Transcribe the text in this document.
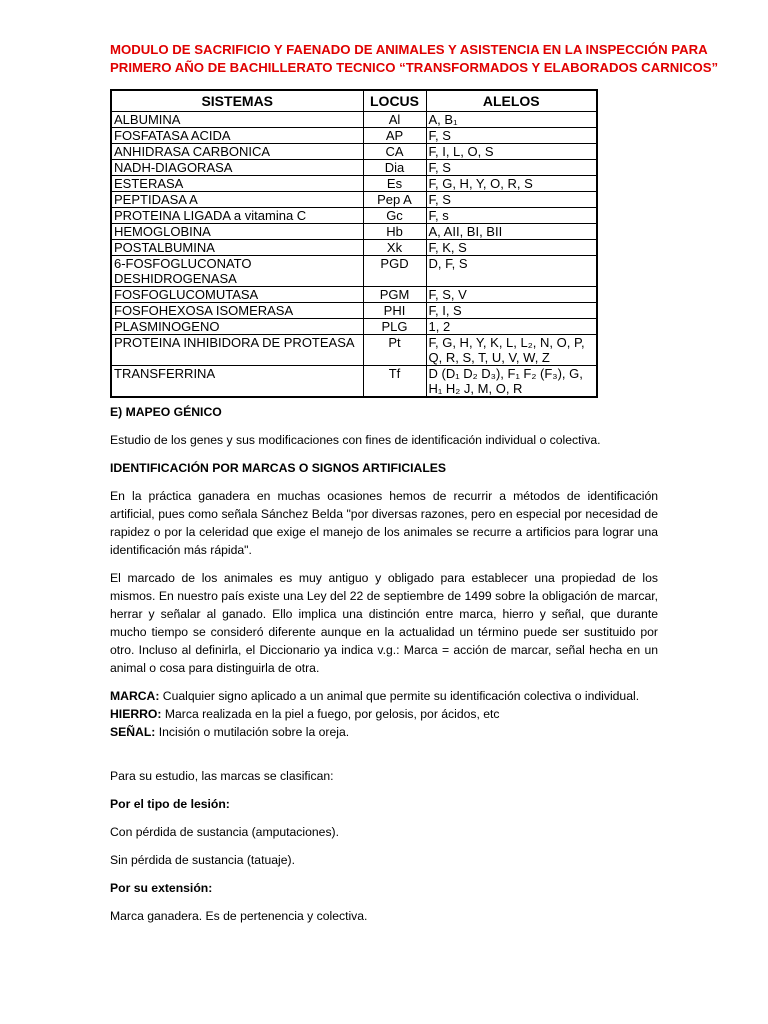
MODULO DE SACRIFICIO Y FAENADO DE ANIMALES Y ASISTENCIA EN LA INSPECCIÓN PARA
PRIMERO AÑO DE BACHILLERATO TECNICO “TRANSFORMADOS Y ELABORADOS CARNICOS”
SISTEMAS	LOCUS	ALELOS
ALBUMINA	Al	A, B₁
FOSFATASA ACIDA	AP	F, S
ANHIDRASA CARBONICA	CA	F, I, L, O, S
NADH-DIAGORASA	Dia	F, S
ESTERASA	Es	F, G, H, Y, O, R, S
PEPTIDASA A	Pep A	F, S
PROTEINA LIGADA a vitamina C	Gc	F, s
HEMOGLOBINA	Hb	A, AII, BI, BII
POSTALBUMINA	Xk	F, K, S
6-FOSFOGLUCONATO DESHIDROGENASA	PGD	D, F, S
FOSFOGLUCOMUTASA	PGM	F, S, V
FOSFOHEXOSA ISOMERASA	PHI	F, I, S
PLASMINOGENO	PLG	1, 2
PROTEINA INHIBIDORA DE PROTEASA	Pt	F, G, H, Y, K, L, L₂, N, O, P, Q, R, S, T, U, V, W, Z
TRANSFERRINA	Tf	D (D₁ D₂ D₃), F₁ F₂ (F₃), G, H₁ H₂ J, M, O, R

E) MAPEO GÉNICO

Estudio de los genes y sus modificaciones con fines de identificación individual o colectiva.

IDENTIFICACIÓN POR MARCAS O SIGNOS ARTIFICIALES

En la práctica ganadera en muchas ocasiones hemos de recurrir a métodos de identificación artificial, pues como señala Sánchez Belda "por diversas razones, pero en especial por necesidad de rapidez o por la celeridad que exige el manejo de los animales se recurre a artificios para lograr una identificación más rápida".

El marcado de los animales es muy antiguo y obligado para establecer una propiedad de los mismos. En nuestro país existe una Ley del 22 de septiembre de 1499 sobre la obligación de marcar, herrar y señalar al ganado. Ello implica una distinción entre marca, hierro y señal, que durante mucho tiempo se consideró diferente aunque en la actualidad un término puede ser sustituido por otro. Incluso al definirla, el Diccionario ya indica v.g.: Marca = acción de marcar, señal hecha en un animal o cosa para distinguirla de otra.

MARCA: Cualquier signo aplicado a un animal que permite su identificación colectiva o individual.
HIERRO: Marca realizada en la piel a fuego, por gelosis, por ácidos, etc
SEÑAL: Incisión o mutilación sobre la oreja.

Para su estudio, las marcas se clasifican:

Por el tipo de lesión:

Con pérdida de sustancia (amputaciones).

Sin pérdida de sustancia (tatuaje).

Por su extensión:

Marca ganadera. Es de pertenencia y colectiva.
